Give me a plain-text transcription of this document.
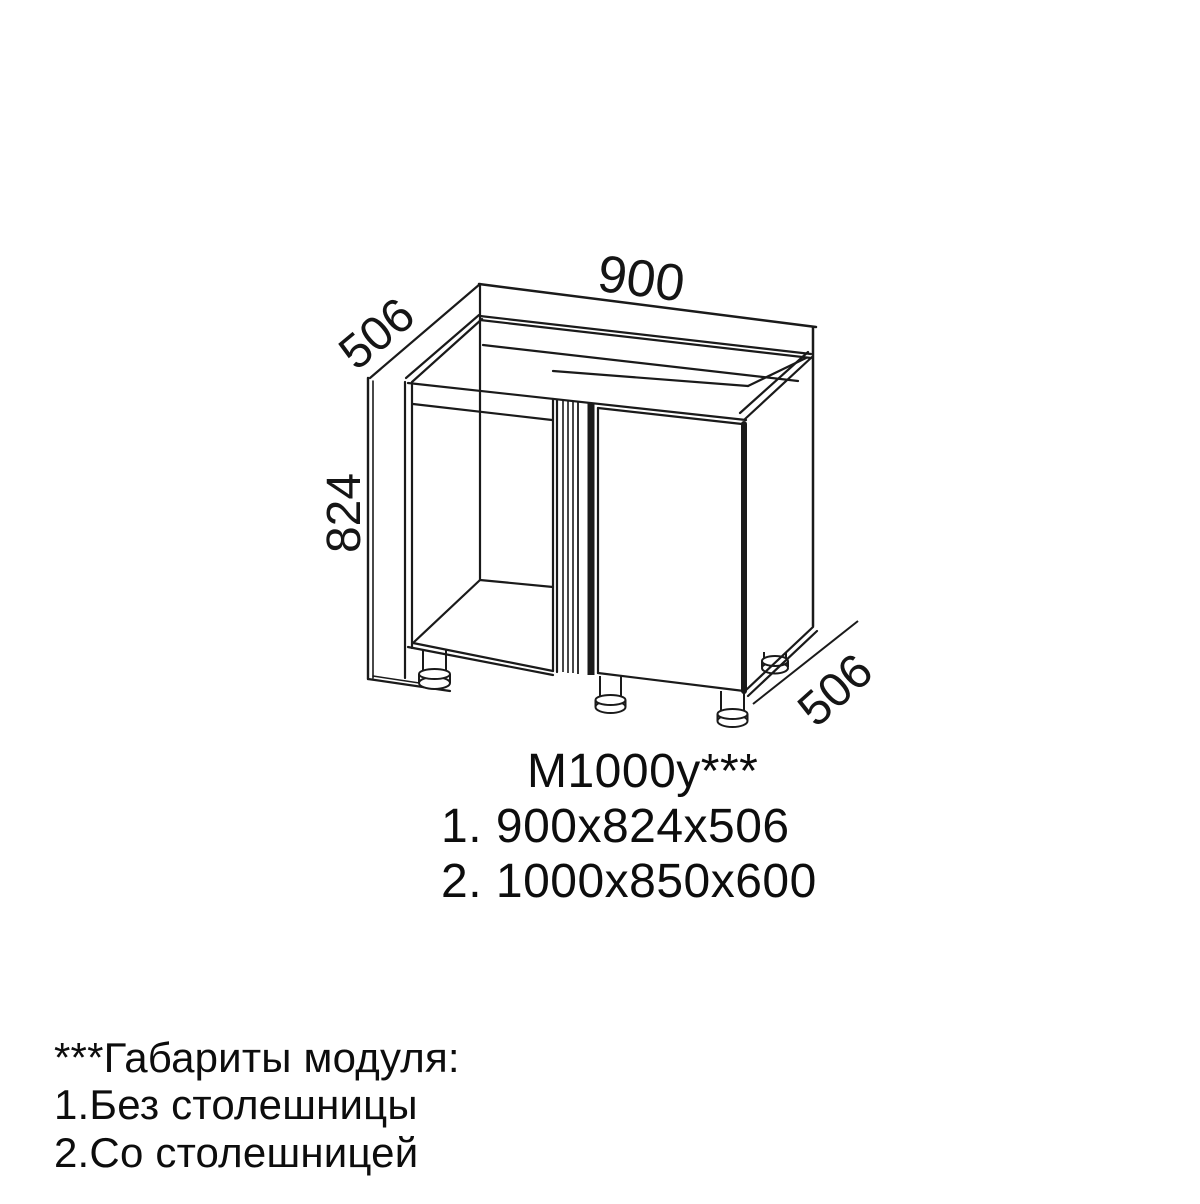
900
506
824
506
М1000у***
1. 900х824х506
2. 1000х850х600
***Габариты модуля:
1.Без столешницы
2.Со столешницей
